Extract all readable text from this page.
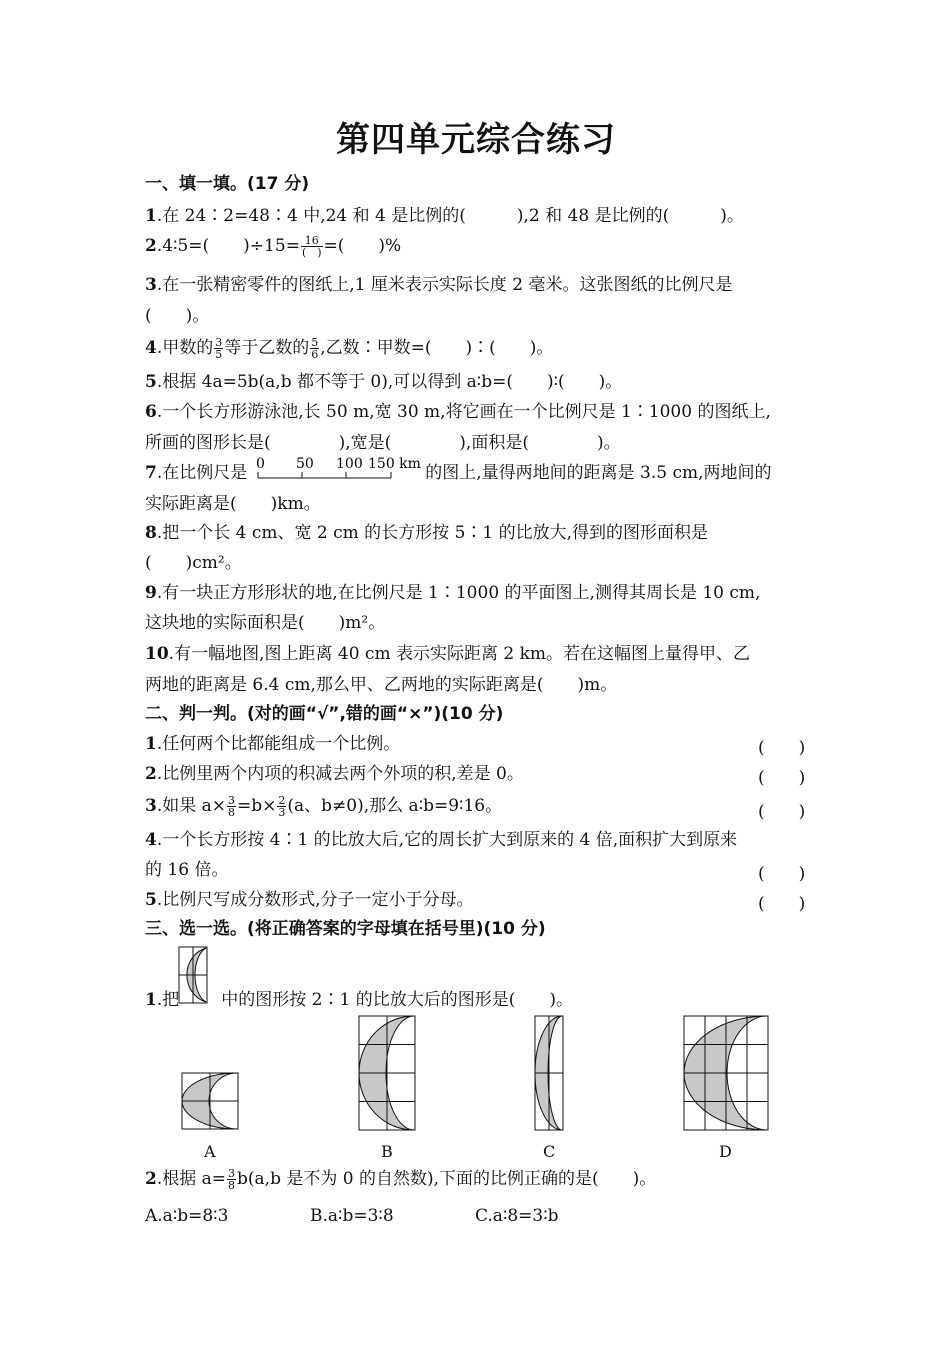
第四单元综合练习
一、填一填。(17 分)
1.在 24∶2=48∶4 中,24 和 4 是比例的(　　　),2 和 48 是比例的(　　　)。
2.4∶5=(　　)$\div 15= \frac{16}{( )}$ =(　　)%
3.在一张精密零件的图纸上,1 厘米表示实际长度 2 毫米。这张图纸的比例尺是
(　　)。
4.甲数的 $\frac{3}{5}$ 等于乙数的 $\frac{5}{6}$ ,乙数∶甲数=(　　)∶(　　)。
5.根据 4a=5b(a,b 都不等于 0),可以得到 a∶b=(　　)∶(　　)。
6.一个长方形游泳池,长 50 m,宽 30 m,将它画在一个比例尺是 1∶1000 的图纸上,
所画的图形长是(　　　　),宽是(　　　　),面积是(　　　　)。
7.在比例尺是	的图上,量得两地间的距离是 3.5 cm,两地间的
0 50 100 150 km
实际距离是(　　)km。
8.把一个长 4 cm、宽 2 cm 的长方形按 5∶1 的比放大,得到的图形面积是
(　　)cm²。
9.有一块正方形形状的地,在比例尺是 1∶1000 的平面图上,测得其周长是 10 cm,
这块地的实际面积是(　　)m²。
10.有一幅地图,图上距离 40 cm 表示实际距离 2 km。若在这幅图上量得甲、乙
两地的距离是 6.4 cm,那么甲、乙两地的实际距离是(　　)m。
二、判一判。(对的画“√”,错的画“×”)(10 分)
1.任何两个比都能组成一个比例。	(　　)
2.比例里两个内项的积减去两个外项的积,差是 0。	(　　)
3.如果 $a\times \frac{3}{8} =b\times \frac{2}{3} (a$、b≠0),那么 a∶b=9∶16。	(　　)
4.一个长方形按 4∶1 的比放大后,它的周长扩大到原来的 4 倍,面积扩大到原来
的 16 倍。	(　　)
5.比例尺写成分数形式,分子一定小于分母。	(　　)
三、选一选。(将正确答案的字母填在括号里)(10 分)
1.把 中的图形按 2∶1 的比放大后的图形是(　　)。
A	B	C	D
2.根据 $a= \frac{3}{8} b(a,b$ 是不为 0 的自然数),下面的比例正确的是(　　)。
A.a∶b=8∶3	B.a∶b=3∶8	C.a∶8=3∶b
